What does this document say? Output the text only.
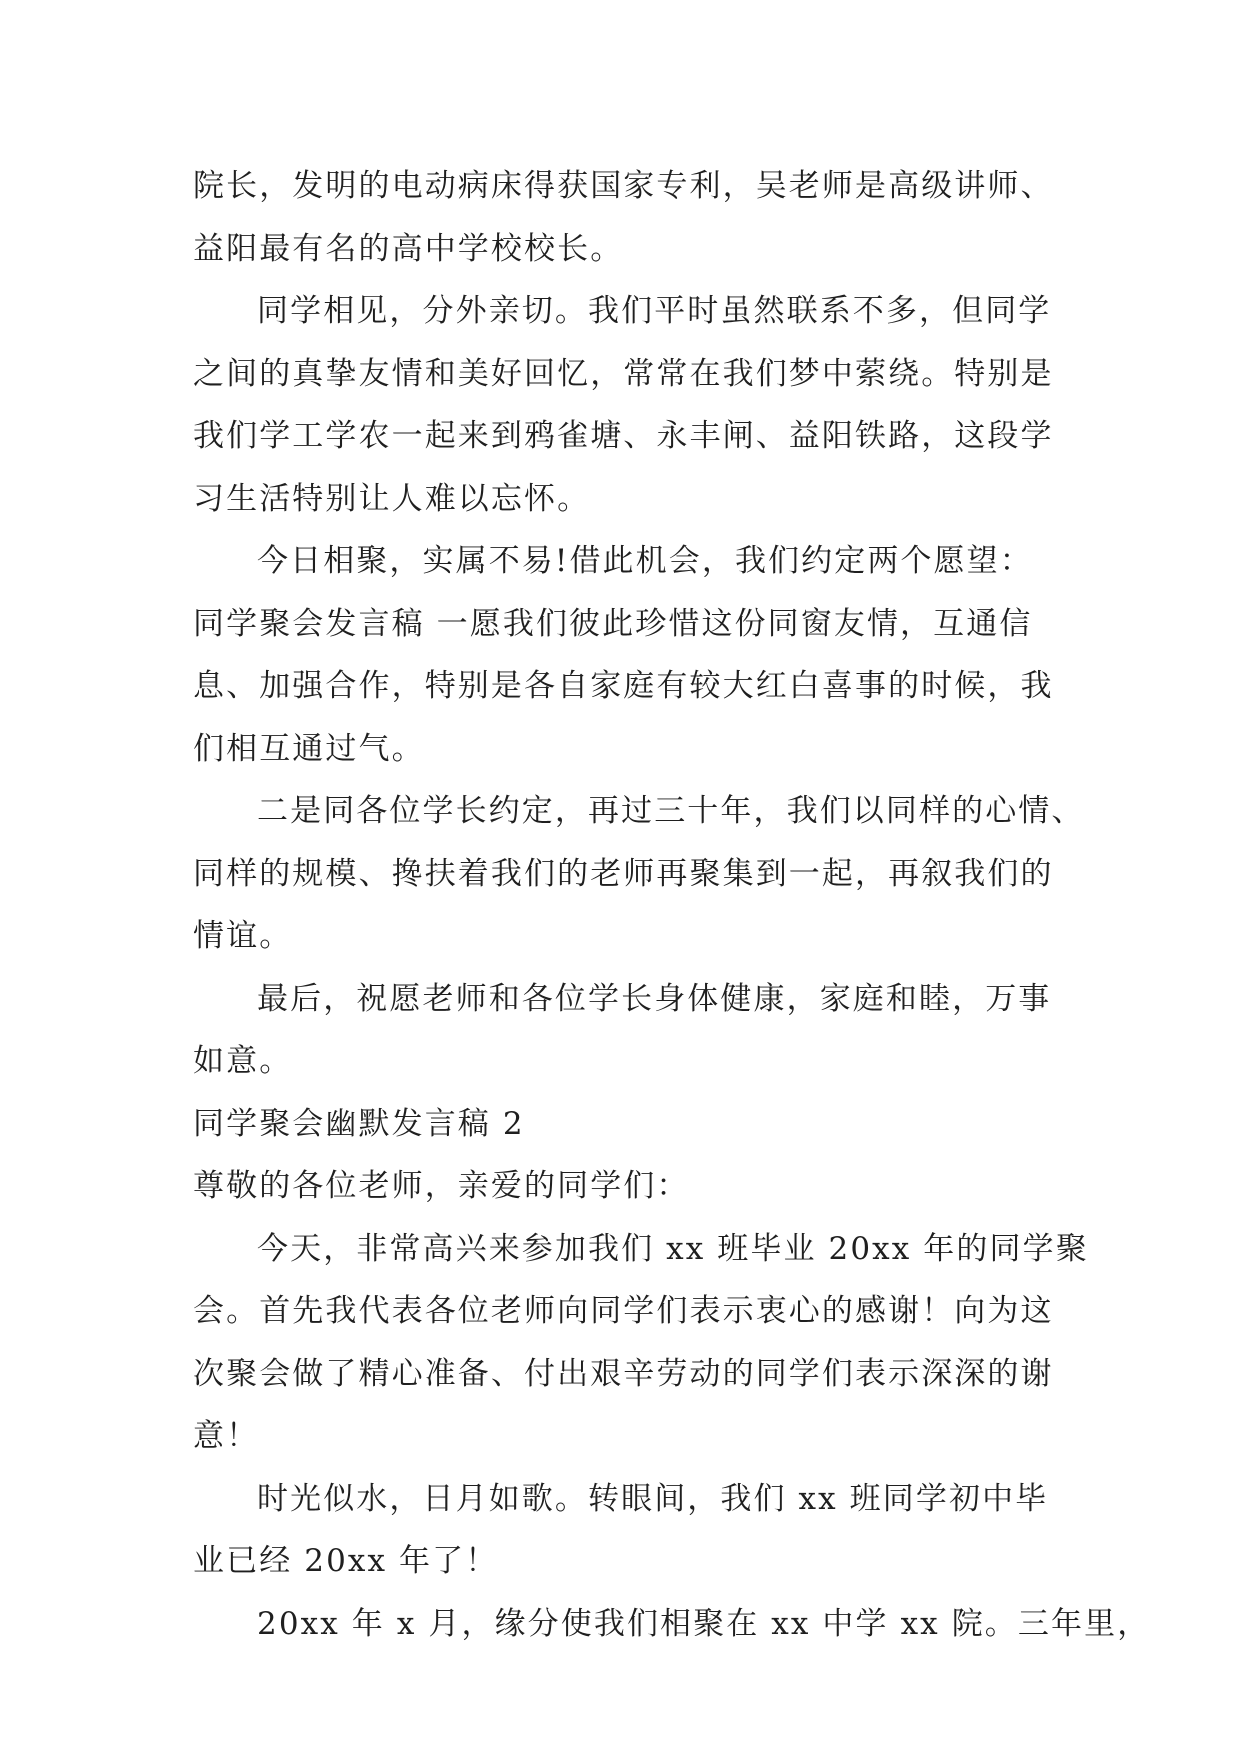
院长，发明的电动病床得获国家专利，吴老师是高级讲师、
益阳最有名的高中学校校长。
同学相见，分外亲切。我们平时虽然联系不多，但同学
之间的真挚友情和美好回忆，常常在我们梦中萦绕。特别是
我们学工学农一起来到鸦雀塘、永丰闸、益阳铁路，这段学
习生活特别让人难以忘怀。
今日相聚，实属不易!借此机会，我们约定两个愿望：
同学聚会发言稿 一愿我们彼此珍惜这份同窗友情，互通信
息、加强合作，特别是各自家庭有较大红白喜事的时候，我
们相互通过气。
二是同各位学长约定，再过三十年，我们以同样的心情、
同样的规模、搀扶着我们的老师再聚集到一起，再叙我们的
情谊。
最后，祝愿老师和各位学长身体健康，家庭和睦，万事
如意。
同学聚会幽默发言稿 2
尊敬的各位老师，亲爱的同学们：
今天，非常高兴来参加我们 xx 班毕业 20xx 年的同学聚
会。首先我代表各位老师向同学们表示衷心的感谢！向为这
次聚会做了精心准备、付出艰辛劳动的同学们表示深深的谢
意！
时光似水，日月如歌。转眼间，我们 xx 班同学初中毕
业已经 20xx 年了！
20xx 年 x 月，缘分使我们相聚在 xx 中学 xx 院。三年里，
